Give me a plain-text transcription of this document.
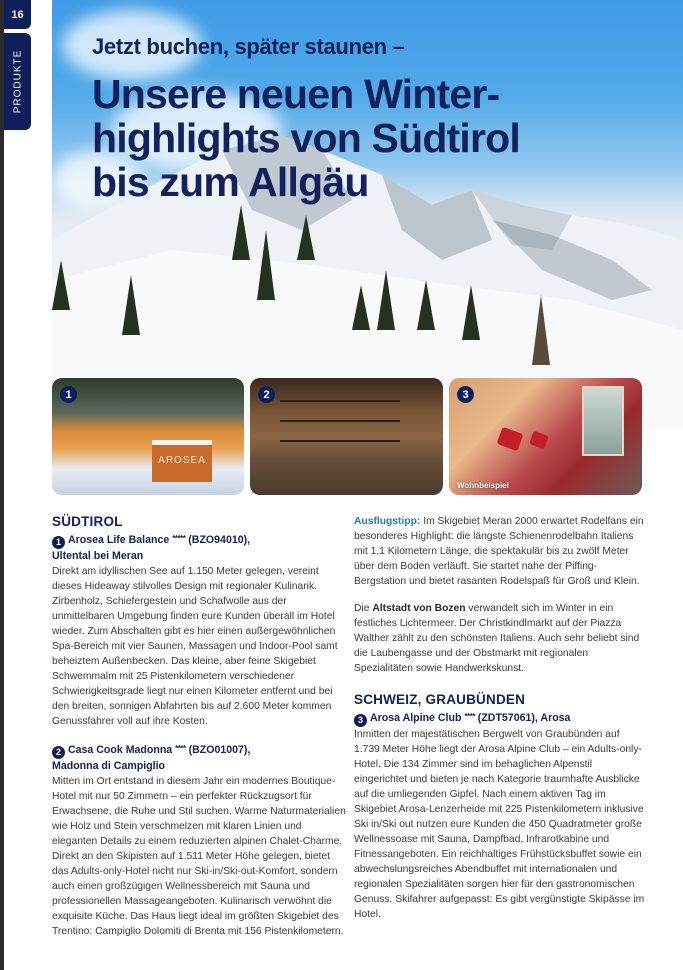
16
PRODUKTE
Jetzt buchen, später staunen –
Unsere neuen Winter-
highlights von Südtirol
bis zum Allgäu
AROSEA
1	2	3
Wohnbeispiel
SÜDTIROL
1 Arosea Life Balance ***** (BZO94010),
Ultental bei Meran
Direkt am idyllischen See auf 1.150 Meter gelegen, vereint dieses Hideaway stilvolles Design mit regionaler Kulinarik. Zirbenholz, Schiefergestein und Schafwolle aus der unmittelbaren Umgebung finden eure Kunden überall im Hotel wieder. Zum Abschalten gibt es hier einen außergewöhnlichen Spa-Bereich mit vier Saunen, Massagen und Indoor-Pool samt beheiztem Außenbecken. Das kleine, aber feine Skigebiet Schwemmalm mit 25 Pistenkilometern verschiedener Schwierigkeitsgrade liegt nur einen Kilometer entfernt und bei den breiten, sonnigen Abfahrten bis auf 2.600 Meter kommen Genussfahrer voll auf ihre Kosten.
2 Casa Cook Madonna **** (BZO01007),
Madonna di Campiglio
Mitten im Ort entstand in diesem Jahr ein modernes Boutique-Hotel mit nur 50 Zimmern – ein perfekter Rückzugsort für Erwachsene, die Ruhe und Stil suchen. Warme Naturmaterialien wie Holz und Stein verschmelzen mit klaren Linien und eleganten Details zu einem reduzierten alpinen Chalet-Charme. Direkt an den Skipisten auf 1.511 Meter Höhe gelegen, bietet das Adults-only-Hotel nicht nur Ski-in/Ski-out-Komfort, sondern auch einen großzügigen Wellnessbereich mit Sauna und professionellen Massageangeboten. Kulinarisch verwöhnt die exquisite Küche. Das Haus liegt ideal im größten Skigebiet des Trentino: Campiglio Dolomiti di Brenta mit 156 Pistenkilometern.
Ausflugstipp: Im Skigebiet Meran 2000 erwartet Rodelfans ein besonderes Highlight: die längste Schienenrodelbahn Italiens mit 1,1 Kilometern Länge, die spektakulär bis zu zwölf Meter über dem Boden verläuft. Sie startet nahe der Piffing-Bergstation und bietet rasanten Rodelspaß für Groß und Klein.
Die Altstadt von Bozen verwandelt sich im Winter in ein festliches Lichtermeer. Der Christkindlmarkt auf der Piazza Walther zählt zu den schönsten Italiens. Auch sehr beliebt sind die Laubengasse und der Obstmarkt mit regionalen Spezialitäten sowie Handwerkskunst.
SCHWEIZ, GRAUBÜNDEN
3 Arosa Alpine Club **** (ZDT57061), Arosa
Inmitten der majestätischen Bergwelt von Graubünden auf 1.739 Meter Höhe liegt der Arosa Alpine Club – ein Adults-only-Hotel. Die 134 Zimmer sind im behaglichen Alpenstil eingerichtet und bieten je nach Kategorie traumhafte Ausblicke auf die umliegenden Gipfel. Nach einem aktiven Tag im Skigebiet Arosa-Lenzerheide mit 225 Pistenkilometern inklusive Ski in/Ski out nutzen eure Kunden die 450 Quadratmeter große Wellnessoase mit Sauna, Dampfbad, Infrarotkabine und Fitnessangeboten. Ein reichhaltiges Frühstücksbuffet sowie ein abwechslungsreiches Abendbuffet mit internationalen und regionalen Spezialitäten sorgen hier für den gastronomischen Genuss. Skifahrer aufgepasst: Es gibt vergünstigte Skipässe im Hotel.
